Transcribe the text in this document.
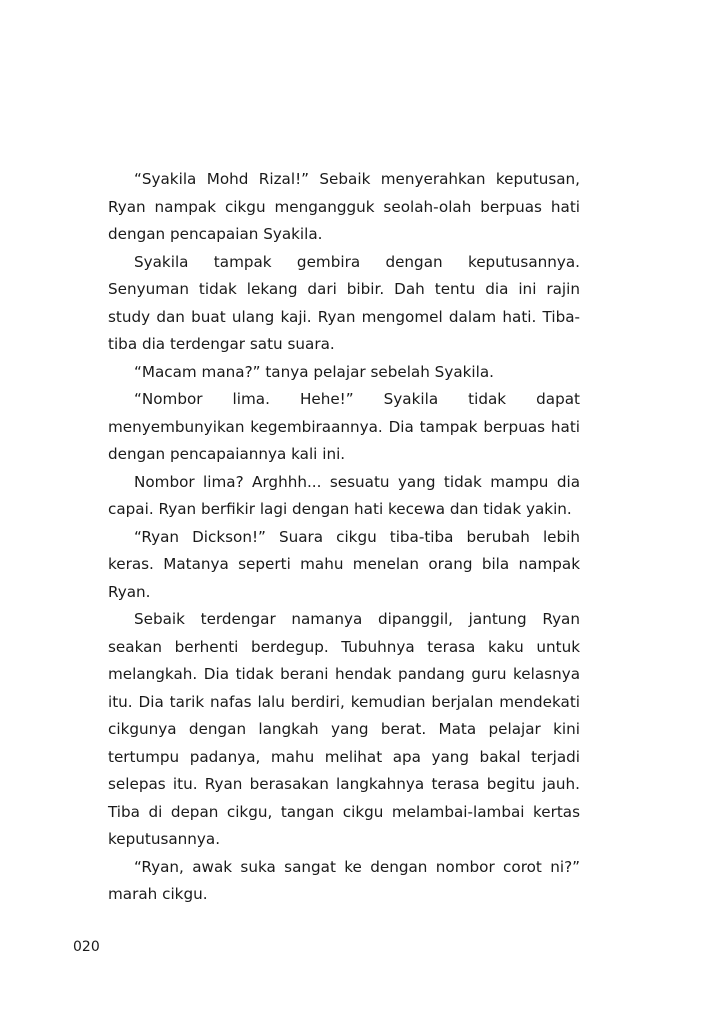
“Syakila Mohd Rizal!” Sebaik menyerahkan keputusan, Ryan nampak cikgu mengangguk seolah-olah berpuas hati dengan pencapaian Syakila.

Syakila tampak gembira dengan keputusannya. Senyuman tidak lekang dari bibir. Dah tentu dia ini rajin study dan buat ulang kaji. Ryan mengomel dalam hati. Tiba-tiba dia terdengar satu suara.

“Macam mana?” tanya pelajar sebelah Syakila.

“Nombor lima. Hehe!” Syakila tidak dapat menyembunyikan kegembiraannya. Dia tampak berpuas hati dengan pencapaiannya kali ini.

Nombor lima? Arghhh... sesuatu yang tidak mampu dia capai. Ryan berfikir lagi dengan hati kecewa dan tidak yakin.

“Ryan Dickson!” Suara cikgu tiba-tiba berubah lebih keras. Matanya seperti mahu menelan orang bila nampak Ryan.

Sebaik terdengar namanya dipanggil, jantung Ryan seakan berhenti berdegup. Tubuhnya terasa kaku untuk melangkah. Dia tidak berani hendak pandang guru kelasnya itu. Dia tarik nafas lalu berdiri, kemudian berjalan mendekati cikgunya dengan langkah yang berat. Mata pelajar kini tertumpu padanya, mahu melihat apa yang bakal terjadi selepas itu. Ryan berasakan langkahnya terasa begitu jauh. Tiba di depan cikgu, tangan cikgu melambai-lambai kertas keputusannya.

“Ryan, awak suka sangat ke dengan nombor corot ni?” marah cikgu.

020
